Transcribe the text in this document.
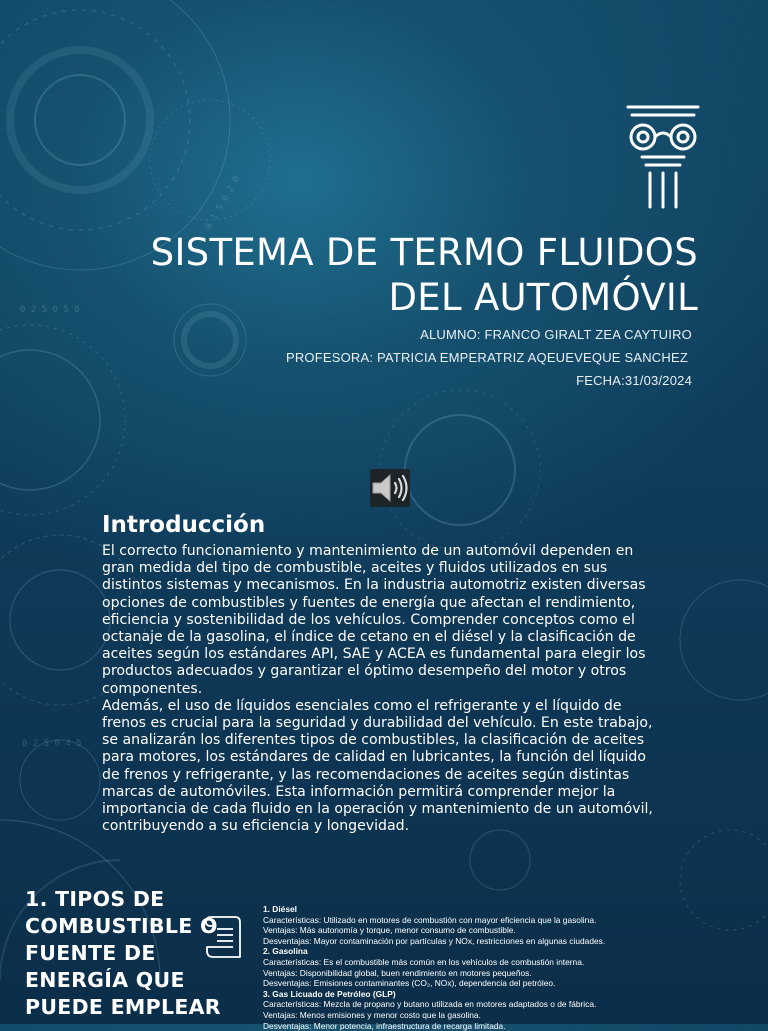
0 2 5 0 5 0
0 2 5 0 4 5
0 1 5 0 2 0
SISTEMA DE TERMO FLUIDOS
DEL AUTOMÓVIL
ALUMNO: FRANCO GIRALT ZEA CAYTUIRO
PROFESORA: PATRICIA EMPERATRIZ AQEUEVEQUE SANCHEZ
FECHA:31/03/2024
Introducción

El correcto funcionamiento y mantenimiento de un automóvil dependen en gran medida del tipo de combustible, aceites y fluidos utilizados en sus distintos sistemas y mecanismos. En la industria automotriz existen diversas opciones de combustibles y fuentes de energía que afectan el rendimiento, eficiencia y sostenibilidad de los vehículos. Comprender conceptos como el octanaje de la gasolina, el índice de cetano en el diésel y la clasificación de aceites según los estándares API, SAE y ACEA es fundamental para elegir los productos adecuados y garantizar el óptimo desempeño del motor y otros componentes.

Además, el uso de líquidos esenciales como el refrigerante y el líquido de frenos es crucial para la seguridad y durabilidad del vehículo. En este trabajo, se analizarán los diferentes tipos de combustibles, la clasificación de aceites para motores, los estándares de calidad en lubricantes, la función del líquido de frenos y refrigerante, y las recomendaciones de aceites según distintas marcas de automóviles. Esta información permitirá comprender mejor la importancia de cada fluido en la operación y mantenimiento de un automóvil, contribuyendo a su eficiencia y longevidad.

1. TIPOS DE COMBUSTIBLE O FUENTE DE ENERGÍA QUE PUEDE EMPLEAR
1. Diésel
Características: Utilizado en motores de combustión con mayor eficiencia que la gasolina.
Ventajas: Más autonomía y torque, menor consumo de combustible.
Desventajas: Mayor contaminación por partículas y NOx, restricciones en algunas ciudades.
2. Gasolina
Características: Es el combustible más común en los vehículos de combustión interna.
Ventajas: Disponibilidad global, buen rendimiento en motores pequeños.
Desventajas: Emisiones contaminantes (CO₂, NOx), dependencia del petróleo.
3. Gas Licuado de Petróleo (GLP)
Características: Mezcla de propano y butano utilizada en motores adaptados o de fábrica.
Ventajas: Menos emisiones y menor costo que la gasolina.
Desventajas: Menor potencia, infraestructura de recarga limitada.
